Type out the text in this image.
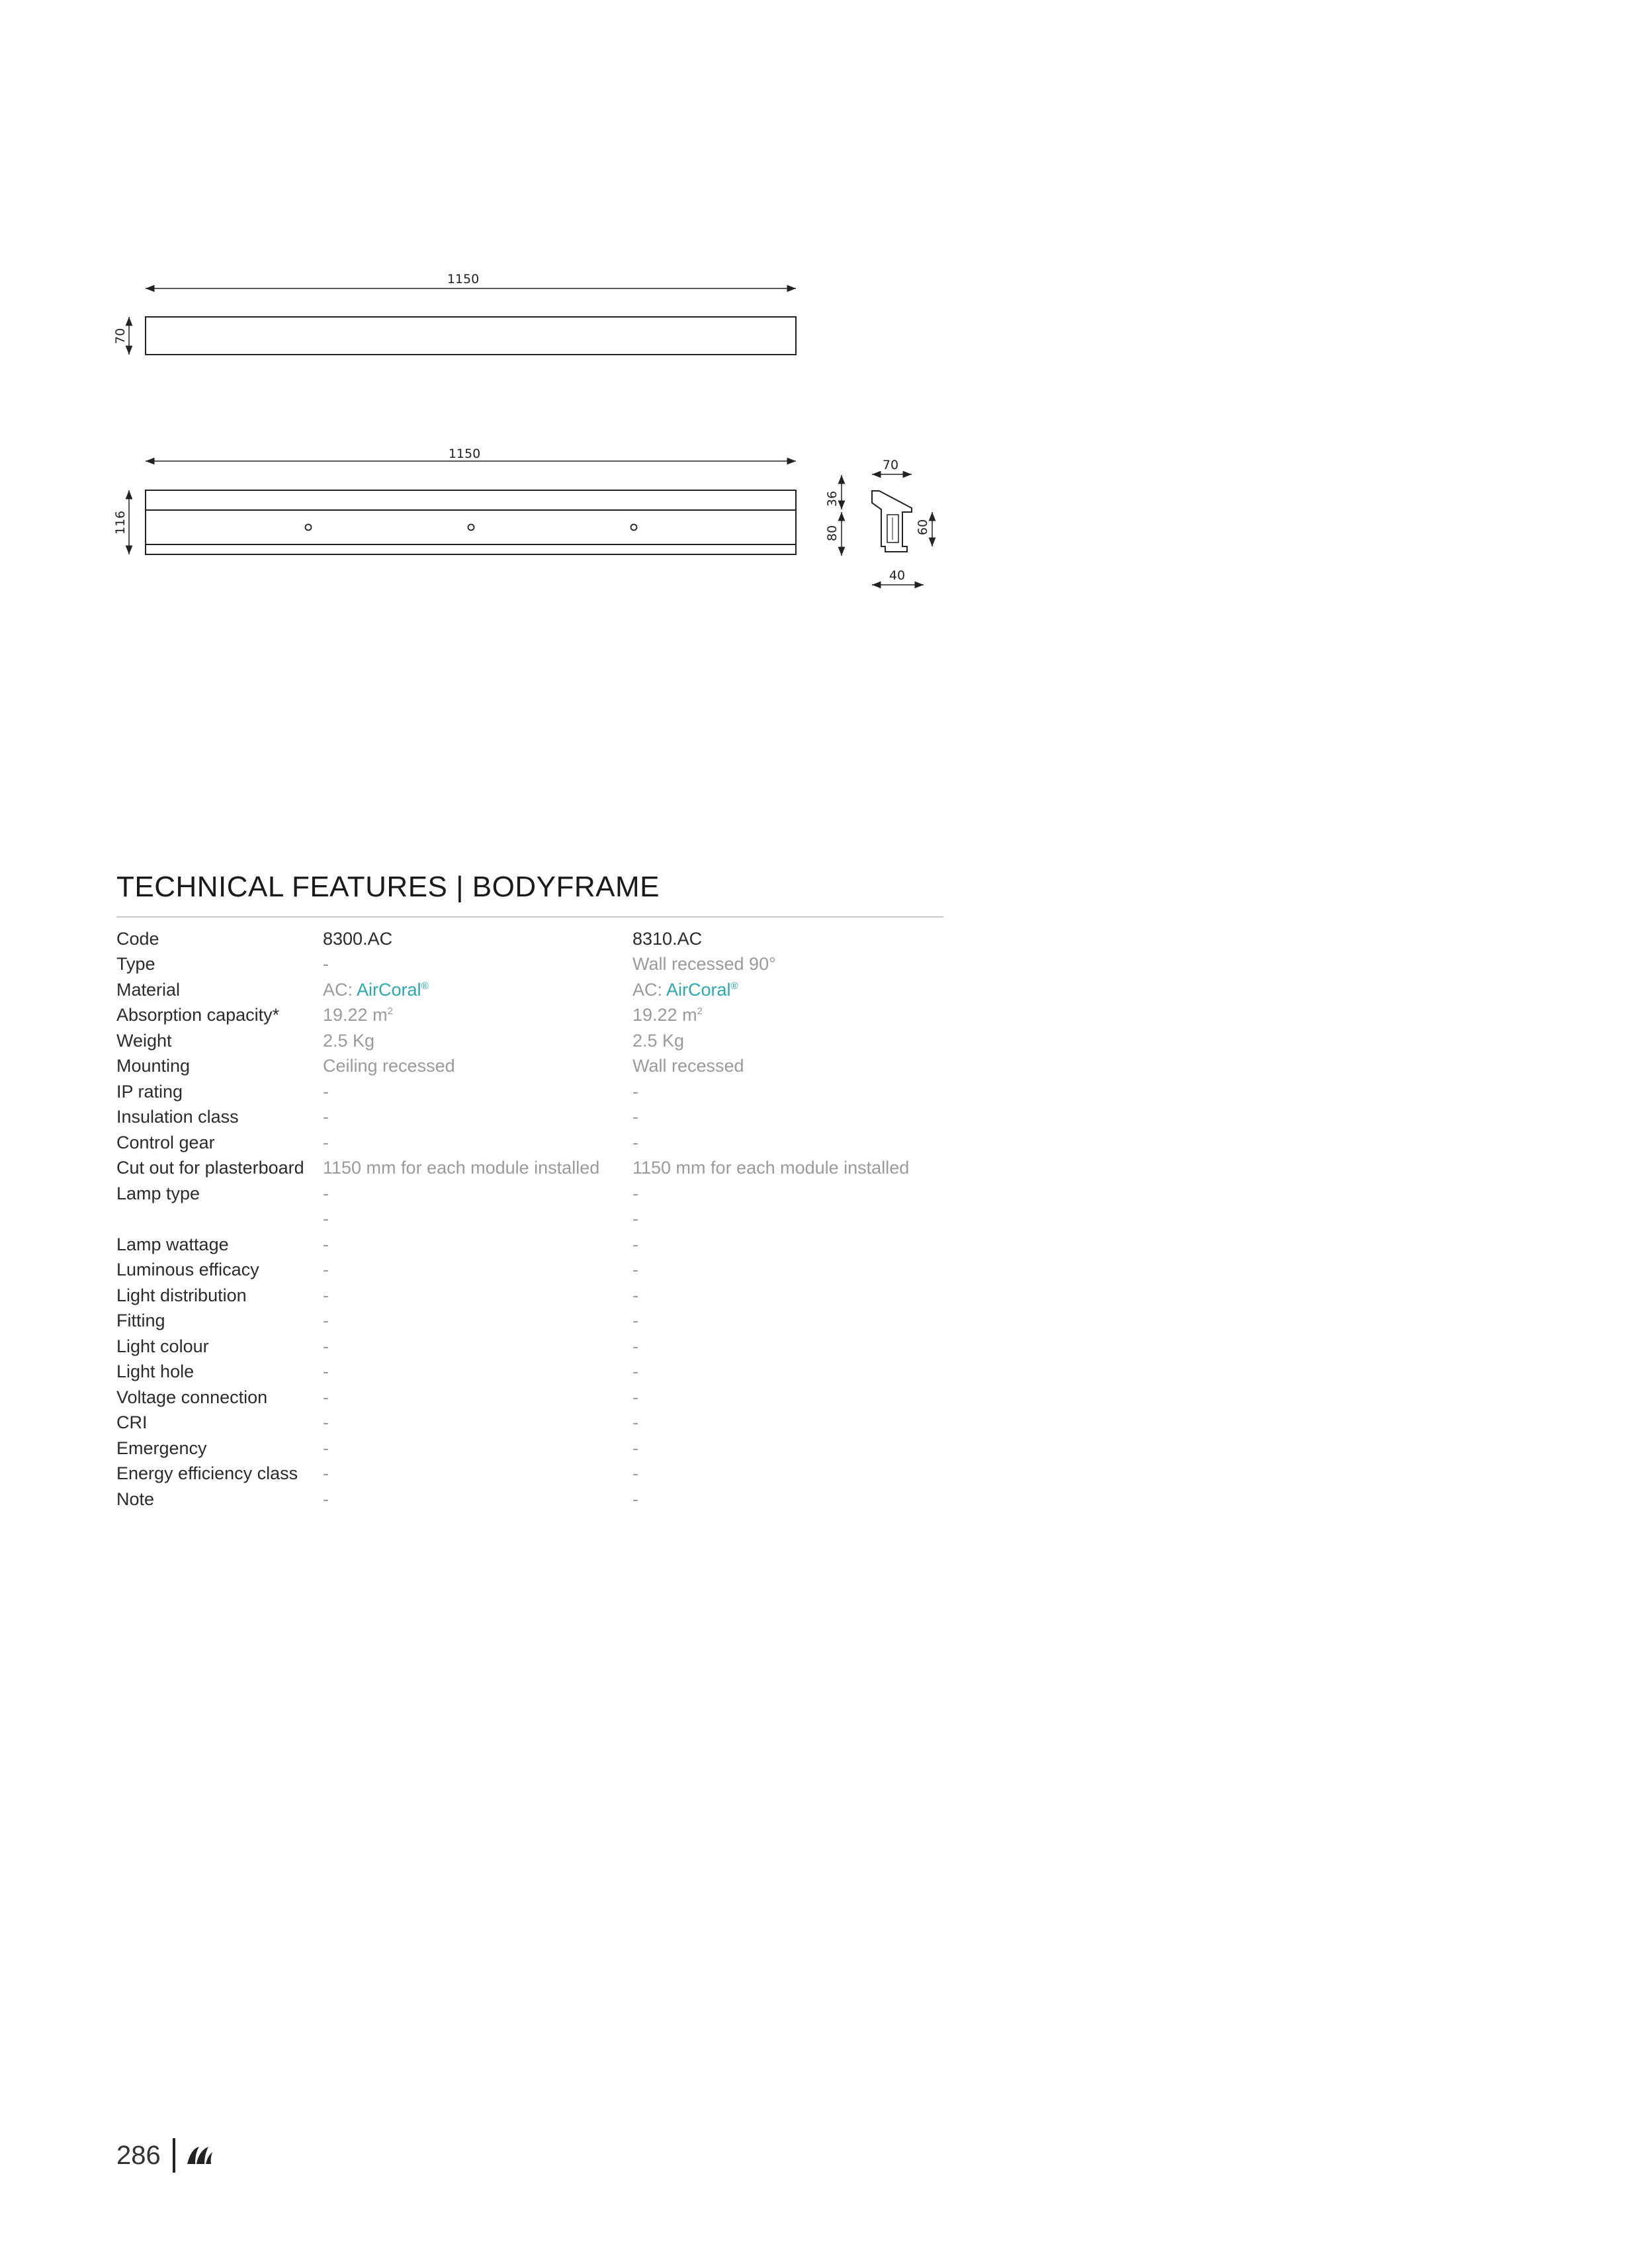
1150
70
1150
116
70
40
36
80	60
TECHNICAL FEATURES | BODYFRAME
Code	8300.AC	8310.AC
Type	-	Wall recessed 90°
Material	AC: AirCoral®	AC: AirCoral®
Absorption capacity*	19.22 $m^2$	19.22 $m^2$
Weight	2.5 Kg	2.5 Kg
Mounting	Ceiling recessed	Wall recessed
IP rating	-	-
Insulation class	-	-
Control gear	-	-
Cut out for plasterboard	1150 mm for each module installed	1150 mm for each module installed
Lamp type	-	-
	-	-
Lamp wattage	-	-
Luminous efficacy	-	-
Light distribution	-	-
Fitting	-	-
Light colour	-	-
Light hole	-	-
Voltage connection	-	-
CRI	-	-
Emergency	-	-
Energy efficiency class	-	-
Note	-	-
286
